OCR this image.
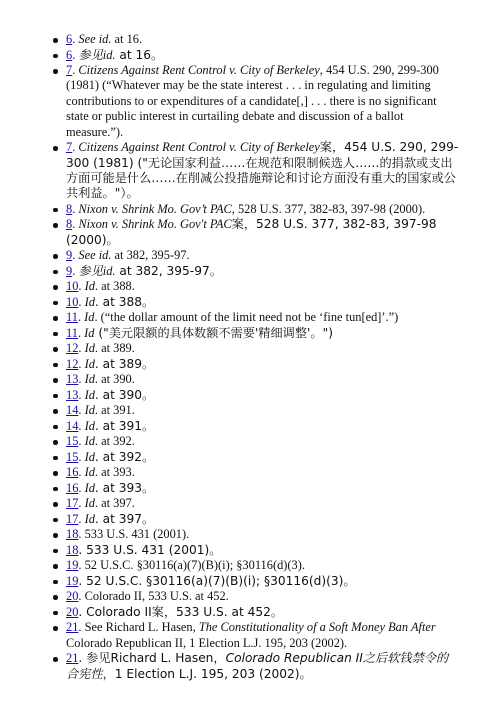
6. See id. at 16.
6. 参见id. at 16。
7. Citizens Against Rent Control v. City of Berkeley, 454 U.S. 290, 299-300 (1981) (“Whatever may be the state interest . . . in regulating and limiting contributions to or expenditures of a candidate[,] . . . there is no significant state or public interest in curtailing debate and discussion of a ballot measure.”).
7. Citizens Against Rent Control v. City of Berkeley案，454 U.S. 290, 299-300 (1981) ("无论国家利益……在规范和限制候选人……的捐款或支出方面可能是什么……在削减公投措施辩论和讨论方面没有重大的国家或公共利益。"）。
8. Nixon v. Shrink Mo. Gov’t PAC, 528 U.S. 377, 382-83, 397-98 (2000).
8. Nixon v. Shrink Mo. Gov't PAC案，528 U.S. 377, 382-83, 397-98 (2000)。
9. See id. at 382, 395-97.
9. 参见id. at 382, 395-97。
10. Id. at 388.
10. Id. at 388。
11. Id. (“the dollar amount of the limit need not be ‘fine tun[ed]’.”)
11. Id ("美元限额的具体数额不需要'精细调整'。")
12. Id. at 389.
12. Id. at 389。
13. Id. at 390.
13. Id. at 390。
14. Id. at 391.
14. Id. at 391。
15. Id. at 392.
15. Id. at 392。
16. Id. at 393.
16. Id. at 393。
17. Id. at 397.
17. Id. at 397。
18. 533 U.S. 431 (2001).
18. 533 U.S. 431 (2001)。
19. 52 U.S.C. §30116(a)(7)(B)(i); §30116(d)(3).
19. 52 U.S.C. §30116(a)(7)(B)(i); §30116(d)(3)。
20. Colorado II, 533 U.S. at 452.
20. Colorado II案，533 U.S. at 452。
21. See Richard L. Hasen, The Constitutionality of a Soft Money Ban After Colorado Republican II, 1 Election L.J. 195, 203 (2002).
21. 参见Richard L. Hasen，Colorado Republican II之后软钱禁令的合宪性，1 Election L.J. 195, 203 (2002)。
